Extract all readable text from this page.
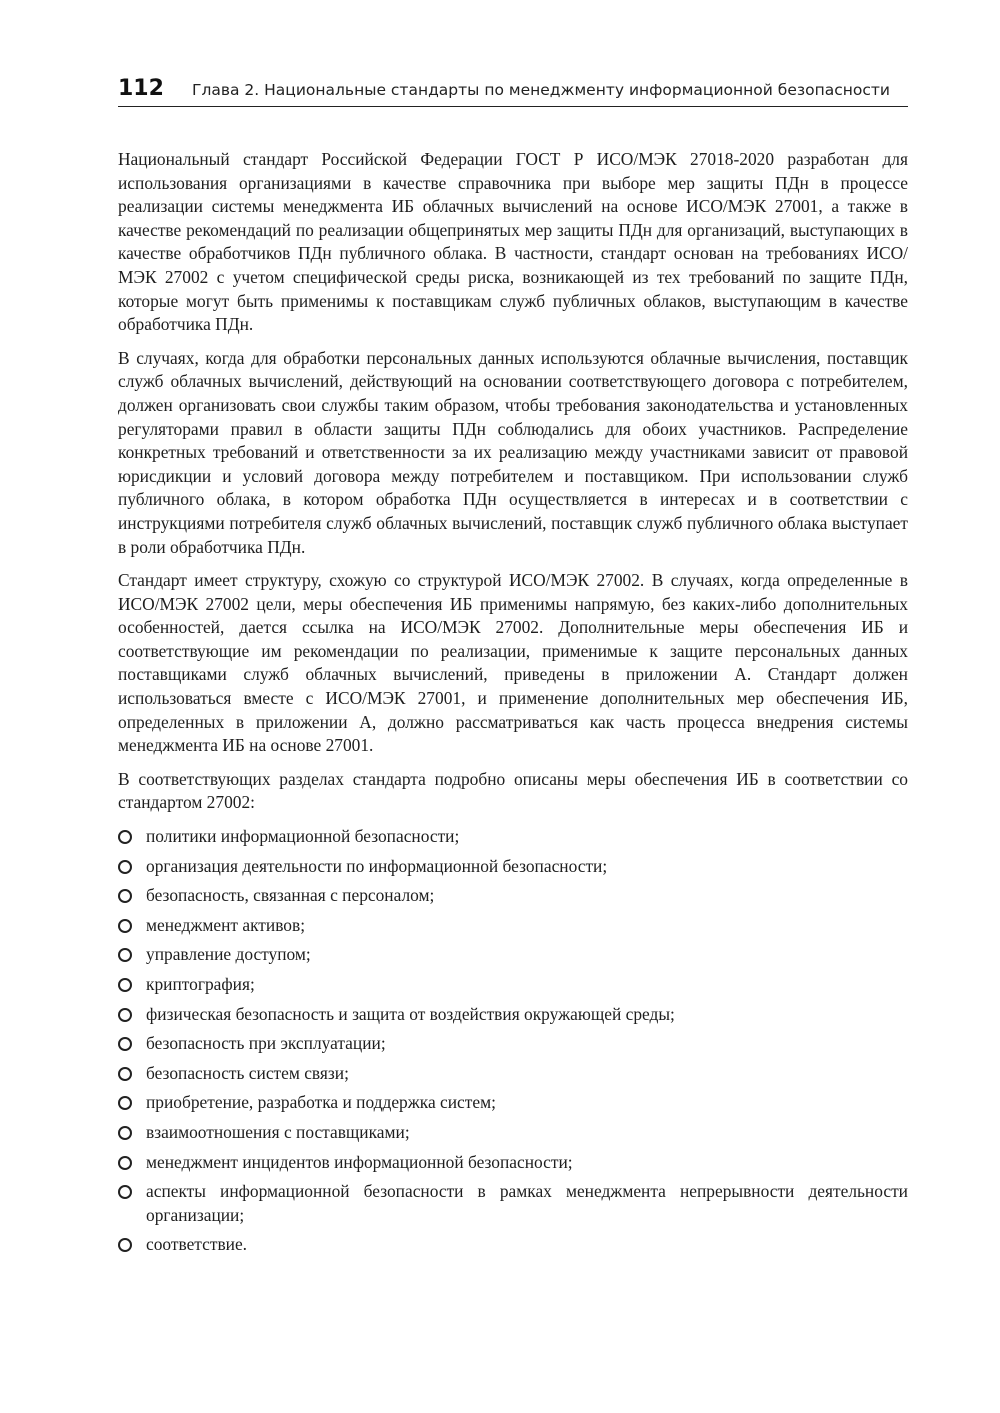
112 Глава 2. Национальные стандарты по менеджменту информационной безопасности

Национальный стандарт Российской Федерации ГОСТ Р ИСО/МЭК 27018-2020 разработан для использования организациями в качестве справочника при выборе мер защиты ПДн в процессе реализации системы менеджмента ИБ облачных вычислений на основе ИСО/МЭК 27001, а также в качестве рекомендаций по реализации общепринятых мер защиты ПДн для организаций, выступающих в качестве обработчиков ПДн публичного облака. В частности, стандарт основан на требованиях ИСО/МЭК 27002 с учетом специфической среды риска, возникающей из тех требований по защите ПДн, которые могут быть применимы к поставщикам служб публичных облаков, выступающим в качестве обработчика ПДн.

В случаях, когда для обработки персональных данных используются облачные вычисления, поставщик служб облачных вычислений, действующий на основании соответствующего договора с потребителем, должен организовать свои службы таким образом, чтобы требования законодательства и установленных регуляторами правил в области защиты ПДн соблюдались для обоих участников. Распределение конкретных требований и ответственности за их реализацию между участниками зависит от правовой юрисдикции и условий договора между потребителем и поставщиком. При использовании служб публичного облака, в котором обработка ПДн осуществляется в интересах и в соответствии с инструкциями потребителя служб облачных вычислений, поставщик служб публичного облака выступает в роли обработчика ПДн.

Стандарт имеет структуру, схожую со структурой ИСО/МЭК 27002. В случаях, когда определенные в ИСО/МЭК 27002 цели, меры обеспечения ИБ применимы напрямую, без каких-либо дополнительных особенностей, дается ссылка на ИСО/МЭК 27002. Дополнительные меры обеспечения ИБ и соответствующие им рекомендации по реализации, применимые к защите персональных данных поставщиками служб облачных вычислений, приведены в приложении А. Стандарт должен использоваться вместе с ИСО/МЭК 27001, и применение дополнительных мер обеспечения ИБ, определенных в приложении А, должно рассматриваться как часть процесса внедрения системы менеджмента ИБ на основе 27001.

В соответствующих разделах стандарта подробно описаны меры обеспечения ИБ в соответствии со стандартом 27002:

политики информационной безопасности;
организация деятельности по информационной безопасности;
безопасность, связанная с персоналом;
менеджмент активов;
управление доступом;
криптография;
физическая безопасность и защита от воздействия окружающей среды;
безопасность при эксплуатации;
безопасность систем связи;
приобретение, разработка и поддержка систем;
взаимоотношения с поставщиками;
менеджмент инцидентов информационной безопасности;
аспекты информационной безопасности в рамках менеджмента непрерывности деятельности организации;
соответствие.
